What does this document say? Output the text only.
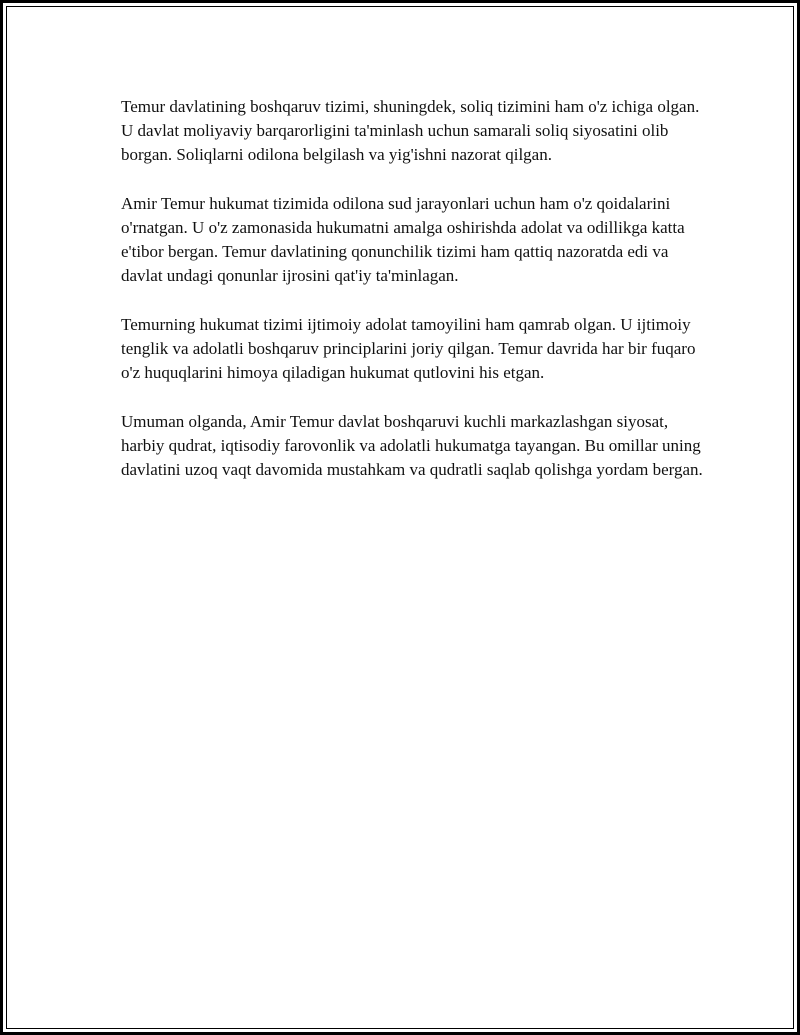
Temur davlatining boshqaruv tizimi, shuningdek, soliq tizimini ham o'z ichiga olgan. U davlat moliyaviy barqarorligini ta'minlash uchun samarali soliq siyosatini olib borgan. Soliqlarni odilona belgilash va yig'ishni nazorat qilgan.

Amir Temur hukumat tizimida odilona sud jarayonlari uchun ham o'z qoidalarini o'rnatgan. U o'z zamonasida hukumatni amalga oshirishda adolat va odillikga katta e'tibor bergan. Temur davlatining qonunchilik tizimi ham qattiq nazoratda edi va davlat undagi qonunlar ijrosini qat'iy ta'minlagan.

Temurning hukumat tizimi ijtimoiy adolat tamoyilini ham qamrab olgan. U ijtimoiy tenglik va adolatli boshqaruv principlarini joriy qilgan. Temur davrida har bir fuqaro o'z huquqlarini himoya qiladigan hukumat qutlovini his etgan.

Umuman olganda, Amir Temur davlat boshqaruvi kuchli markazlashgan siyosat, harbiy qudrat, iqtisodiy farovonlik va adolatli hukumatga tayangan. Bu omillar uning davlatini uzoq vaqt davomida mustahkam va qudratli saqlab qolishga yordam bergan.
